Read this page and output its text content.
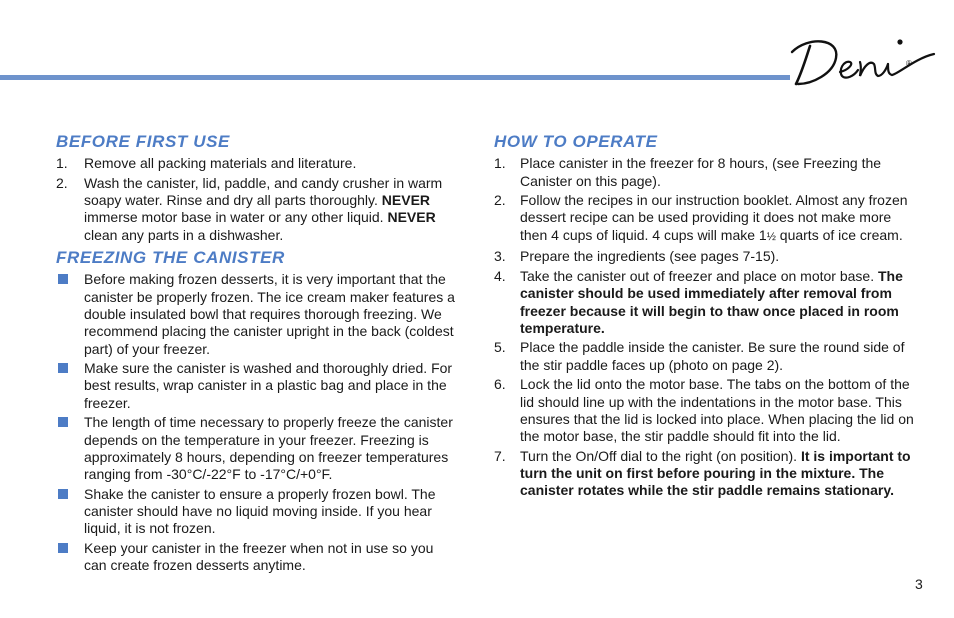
®
BEFORE FIRST USE
1. Remove all packing materials and literature.
2. Wash the canister, lid, paddle, and candy crusher in warm soapy water. Rinse and dry all parts thoroughly. NEVER immerse motor base in water or any other liquid. NEVER clean any parts in a dishwasher.
FREEZING THE CANISTER
Before making frozen desserts, it is very important that the canister be properly frozen. The ice cream maker features a double insulated bowl that requires thorough freezing. We recommend placing the canister upright in the back (coldest part) of your freezer.
Make sure the canister is washed and thoroughly dried. For best results, wrap canister in a plastic bag and place in the freezer.
The length of time necessary to properly freeze the canister depends on the temperature in your freezer. Freezing is approximately 8 hours, depending on freezer temperatures ranging from -30°C/-22°F to -17°C/+0°F.
Shake the canister to ensure a properly frozen bowl. The canister should have no liquid moving inside. If you hear liquid, it is not frozen.
Keep your canister in the freezer when not in use so you can create frozen desserts anytime.
HOW TO OPERATE
1. Place canister in the freezer for 8 hours, (see Freezing the Canister on this page).
2. Follow the recipes in our instruction booklet. Almost any frozen dessert recipe can be used providing it does not make more then 4 cups of liquid. 4 cups will make 1½ quarts of ice cream.
3. Prepare the ingredients (see pages 7-15).
4. Take the canister out of freezer and place on motor base. The canister should be used immediately after removal from freezer because it will begin to thaw once placed in room temperature.
5. Place the paddle inside the canister. Be sure the round side of the stir paddle faces up (photo on page 2).
6. Lock the lid onto the motor base. The tabs on the bottom of the lid should line up with the indentations in the motor base. This ensures that the lid is locked into place. When placing the lid on the motor base, the stir paddle should fit into the lid.
7. Turn the On/Off dial to the right (on position). It is important to turn the unit on first before pouring in the mixture. The canister rotates while the stir paddle remains stationary.
3
